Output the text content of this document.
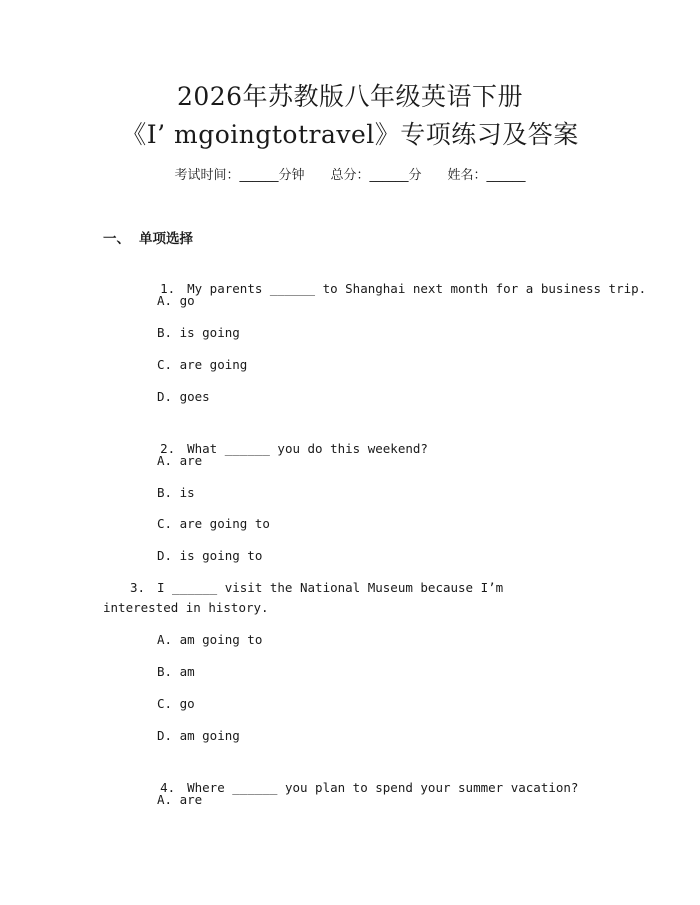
2026年苏教版八年级英语下册
《I’ mgoingtotravel》专项练习及答案
考试时间：______分钟 总分：______分 姓名：______
一、 单项选择

1. My parents ______ to Shanghai next month for a business trip.

A. go
B. is going
C. are going
D. goes

2. What ______ you do this weekend?

A. are
B. is
C. are going to
D. is going to
3. I ______ visit the National Museum because I’m interested in history.
A. am going to
B. am
C. go
D. am going

4. Where ______ you plan to spend your summer vacation?

A. are
